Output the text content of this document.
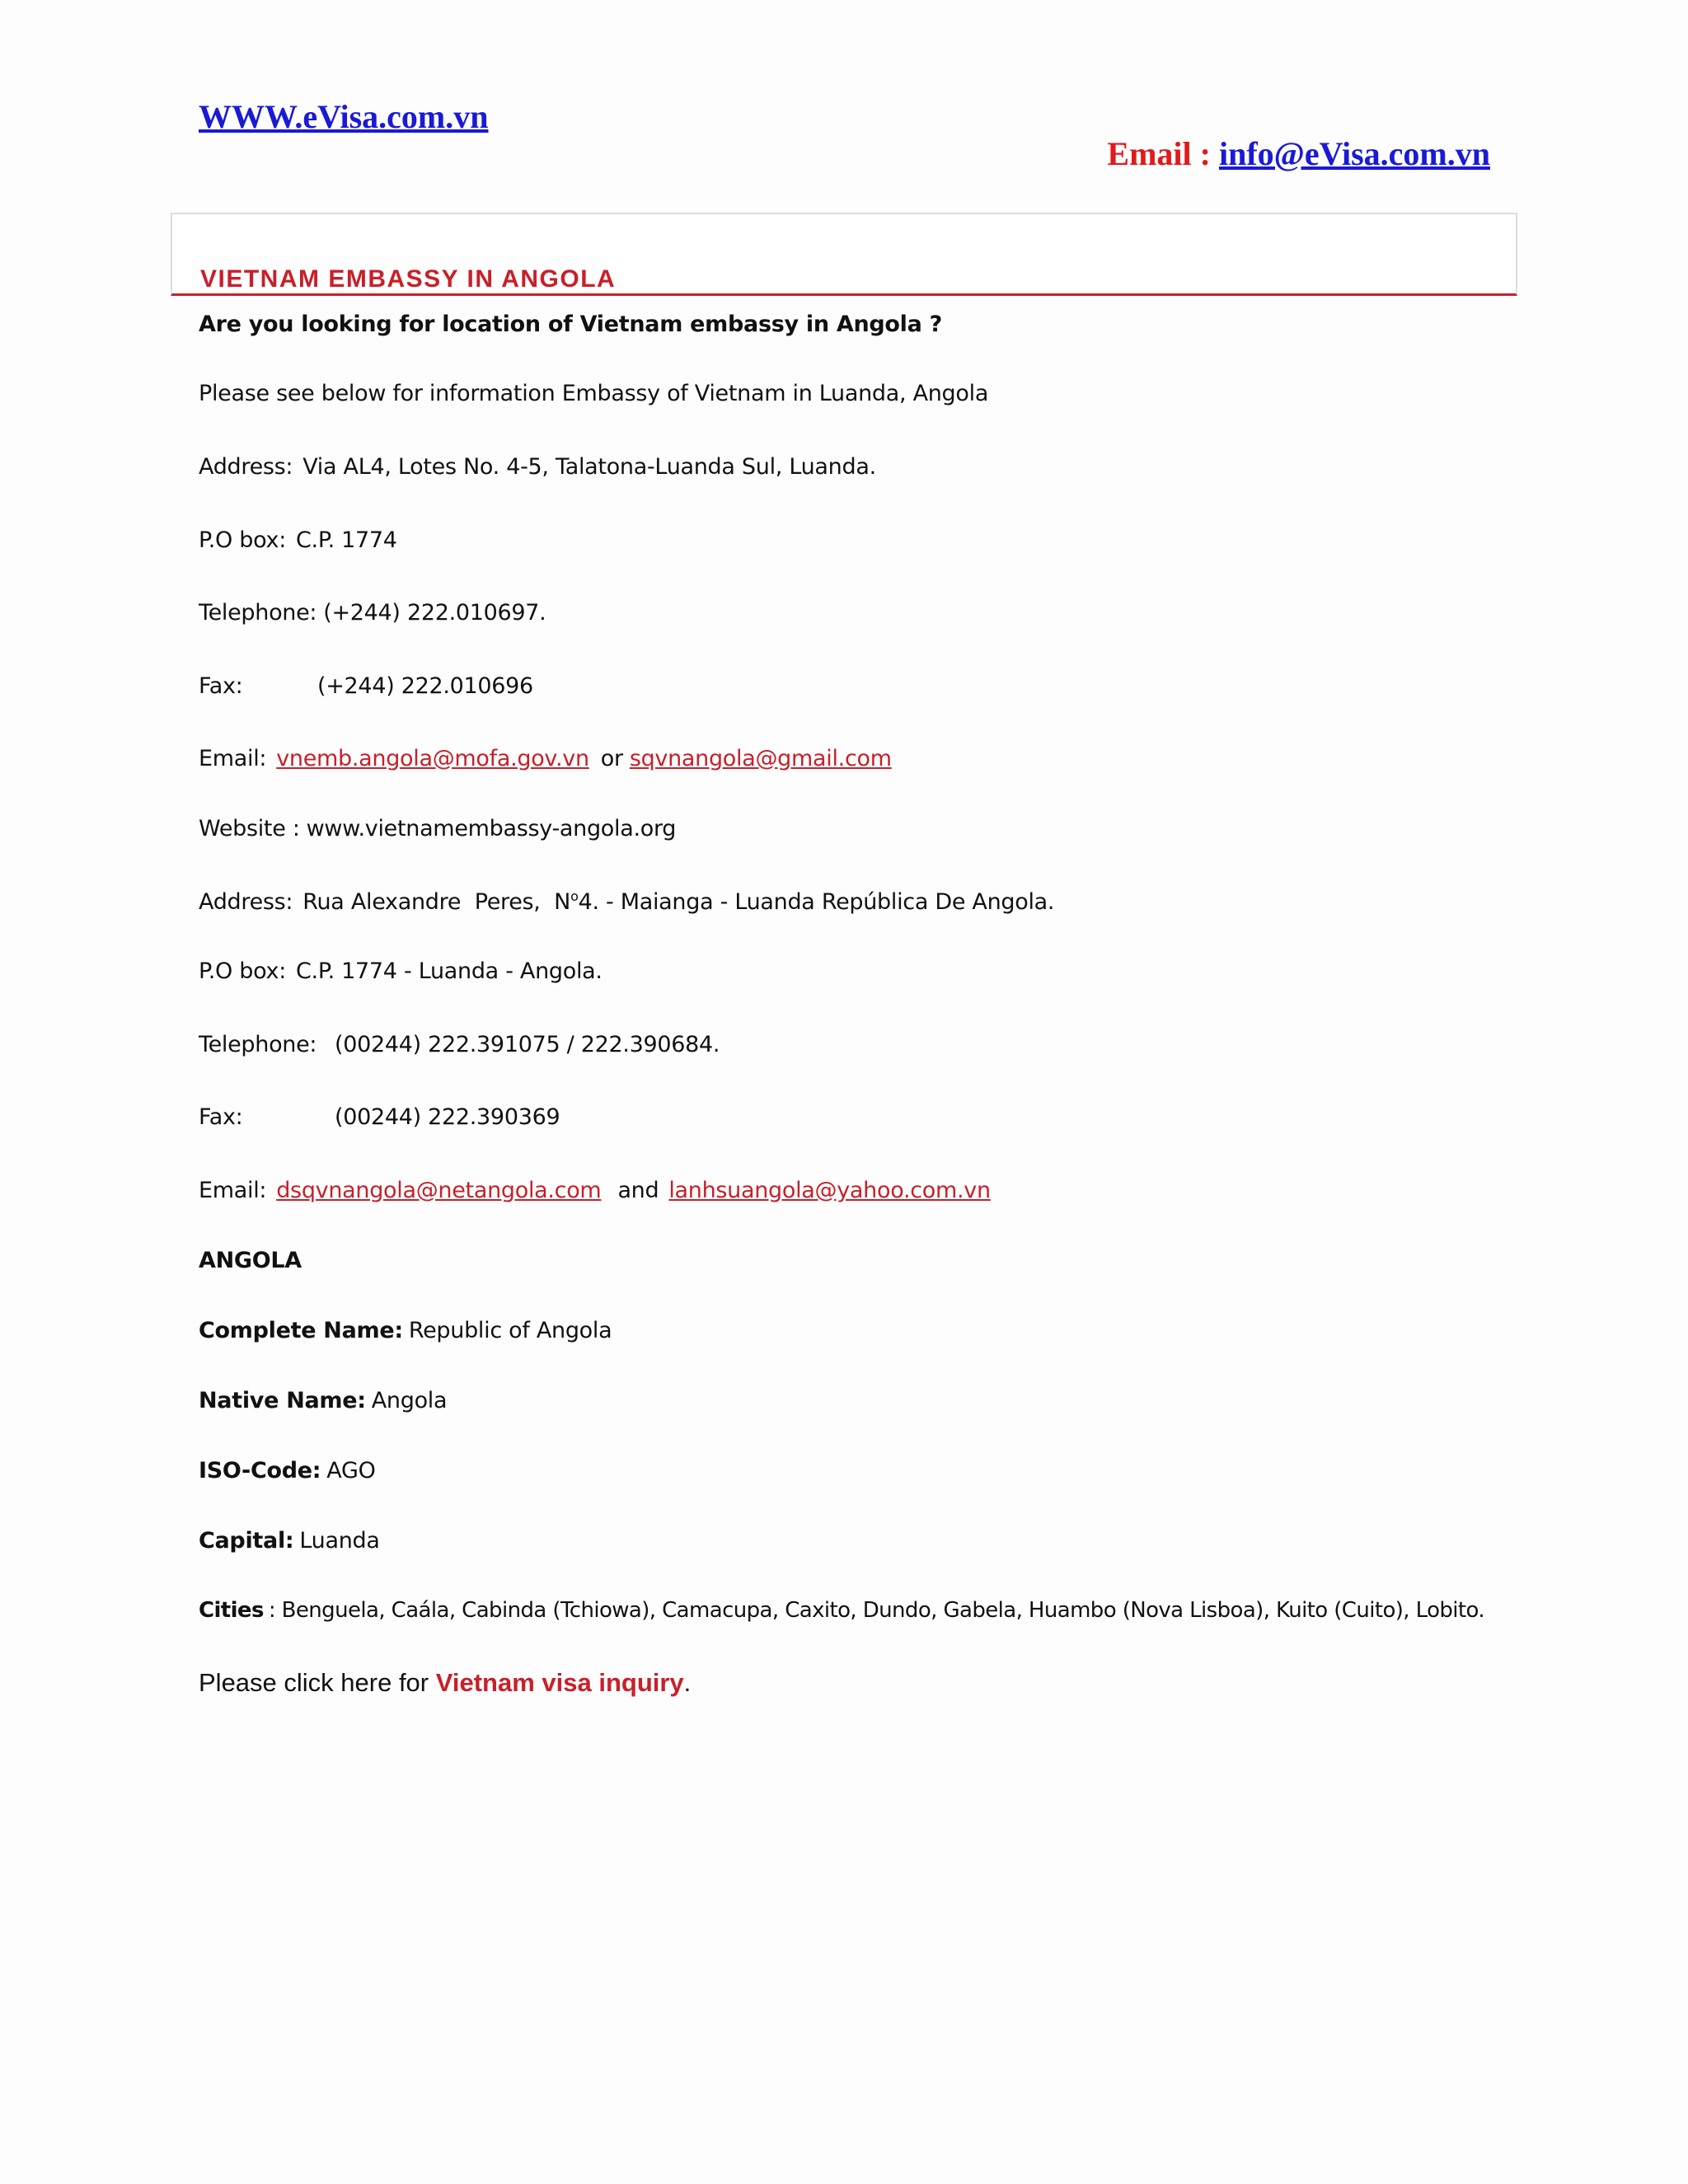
WWW.eVisa.com.vn
Email : info@eVisa.com.vn
VIETNAM EMBASSY IN ANGOLA
Are you looking for location of Vietnam embassy in Angola ?
Please see below for information Embassy of Vietnam in Luanda, Angola
Address: Via AL4, Lotes No. 4-5, Talatona-Luanda Sul, Luanda.
P.O box: C.P. 1774
Telephone: (+244) 222.010697.
Fax:	(+244) 222.010696
Email: vnemb.angola@mofa.gov.vn or sqvnangola@gmail.com
Website : www.vietnamembassy-angola.org
Address: Rua Alexandre  Peres,  $N^o4$. - Maianga - Luanda República De Angola.
P.O box: C.P. 1774 - Luanda - Angola.
Telephone: (00244) 222.391075 / 222.390684.
Fax:	(00244) 222.390369
Email: dsqvnangola@netangola.com and lanhsuangola@yahoo.com.vn
ANGOLA
Complete Name: Republic of Angola
Native Name: Angola
ISO-Code: AGO
Capital: Luanda
Cities : Benguela, Caála, Cabinda (Tchiowa), Camacupa, Caxito, Dundo, Gabela, Huambo (Nova Lisboa), Kuito (Cuito), Lobito.
Please click here for Vietnam visa inquiry.
